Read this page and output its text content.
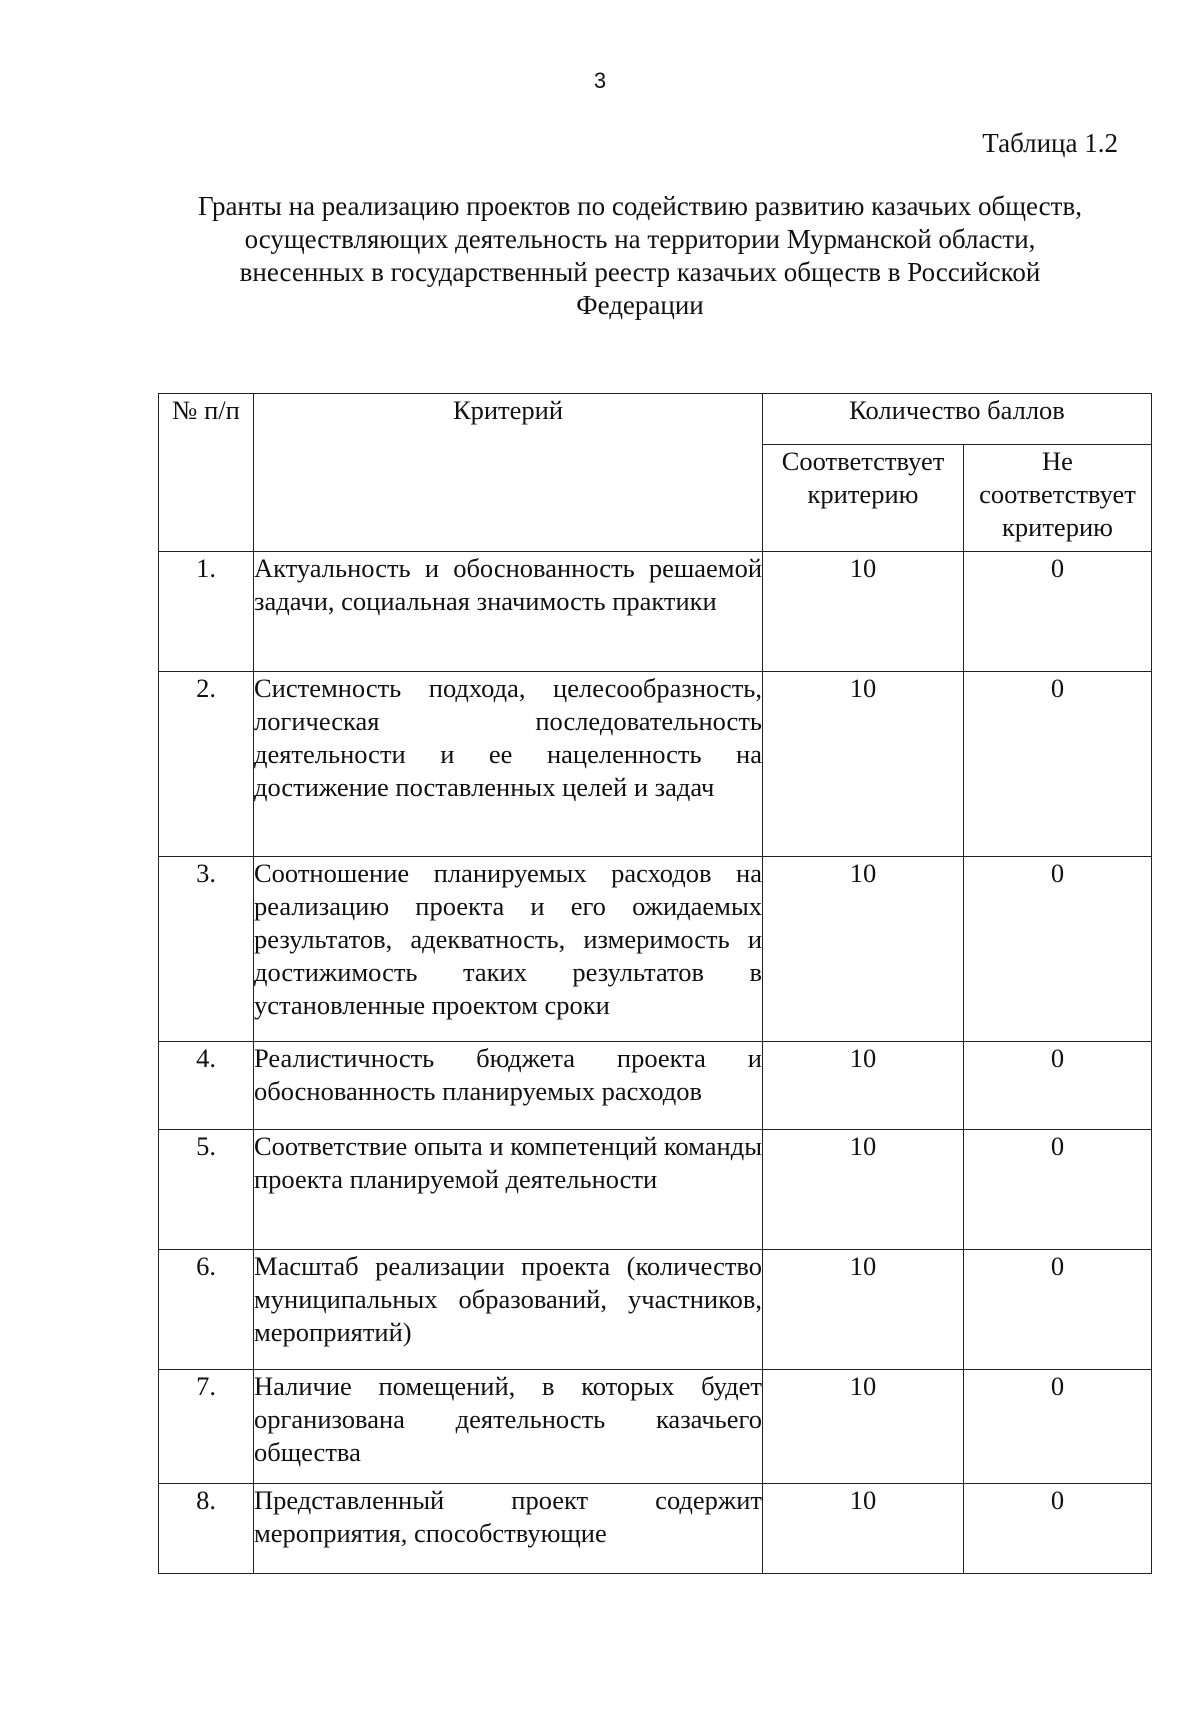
3
Таблица 1.2
Гранты на реализацию проектов по содействию развитию казачьих обществ,
осуществляющих деятельность на территории Мурманской области,
внесенных в государственный реестр казачьих обществ в Российской
Федерации
№ п/п	Критерий	Количество баллов	
		Соответствует критерию	Не соответствует критерию
1.	Актуальность и обоснованность решаемой задачи, социальная значимость практики	10	0
2.	Системность подхода, целесообразность, логическая последовательность деятельности и ее нацеленность на достижение поставленных целей и задач	10	0
3.	Соотношение планируемых расходов на реализацию проекта и его ожидаемых результатов, адекватность, измеримость и достижимость таких результатов в установленные проектом сроки	10	0
4.	Реалистичность бюджета проекта и обоснованность планируемых расходов	10	0
5.	Соответствие опыта и компетенций команды проекта планируемой деятельности	10	0
6.	Масштаб реализации проекта (количество муниципальных образований, участников, мероприятий)	10	0
7.	Наличие помещений, в которых будет организована деятельность казачьего общества	10	0
8.	Представленный проект содержит мероприятия, способствующие	10	0
